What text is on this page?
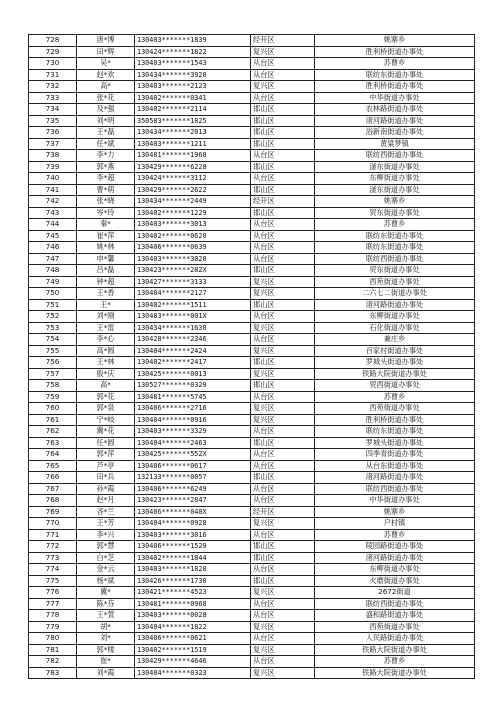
728	唐*博	130403*******1839	经开区	姚寨乡
729	田*辉	130424*******1822	复兴区	胜利桥街道办事处
730	吴*	130403*******1543	从台区	苏曹乡
731	赵*欢	130434*******3920	从台区	联纺东街道办事处
732	高*	130403*******2123	复兴区	胜利桥街道办事处
733	张*花	130402*******0341	从台区	中华街道办事处
734	及*强	130402*******2114	邯山区	农林路街道办事处
735	刘*明	350583*******1825	邯山区	渚河路街道办事处
736	王*磊	130434*******2013	邯山区	浴新南街道办事处
737	任*斌	130403*******1211	邯山区	黄粱梦镇
738	李*力	130481*******1968	从台区	联纺西街道办事处
739	郭*燕	130429*******6228	邯山区	滏东街道办事处
740	李*超	130424*******3112	从台区	东柳街道办事处
741	曹*萌	130429*******2622	邯山区	滏东街道办事处
742	张*晓	130434*******2449	经开区	姚寨乡
743	岑*玲	130402*******1229	邯山区	贸东街道办事处
744	秦*	130403*******3013	从台区	苏曹乡
745	崔*萍	130402*******0620	从台区	联纺东街道办事处
746	姚*林	130406*******0639	从台区	联纺东街道办事处
747	申*馨	130403*******3020	从台区	联纺西街道办事处
748	吕*磊	130423*******282X	邯山区	贸东街道办事处
749	钟*超	130427*******3133	复兴区	西苑街道办事处
750	王*香	130404*******2127	复兴区	二六七二街道办事处
751	王*	130402*******1511	邯山区	渚河路街道办事处
752	刘*刚	130403*******001X	从台区	东柳街道办事处
753	王*雷	130434*******1630	复兴区	石化街道办事处
754	李*心	130428*******2346	从台区	兼庄乡
755	高*圆	130404*******2424	复兴区	百家村街道办事处
756	王*林	130402*******2417	邯山区	罗城头街道办事处
757	殷*庆	130425*******0013	复兴区	铁路大院街道办事处
758	高*	130527*******0329	邯山区	贸西街道办事处
759	郭*花	130481*******5745	从台区	苏曹乡
760	郭*泉	130406*******2716	复兴区	西苑街道办事处
761	宁*岐	130404*******0916	复兴区	胜利桥街道办事处
762	冀*花	130403*******3329	从台区	联纺东街道办事处
763	任*圆	130404*******2463	邯山区	罗城头街道办事处
764	郭*萍	130425*******552X	从台区	四季青街道办事处
765	芦*亭	130406*******0617	从台区	从台东街道办事处
766	田*兵	132133*******0057	邯山区	渚河路街道办事处
767	孙*霞	130406*******6249	从台区	联纺西街道办事处
768	赵*月	130423*******2847	从台区	中华街道办事处
769	吝*兰	130406*******040X	经开区	姚寨乡
770	王*芳	130404*******0928	复兴区	户村镇
771	李*兴	130403*******3016	从台区	苏曹乡
772	郭*慧	130406*******1529	邯山区	陵园路街道办事处
773	白*芝	130402*******1844	邯山区	渚河路街道办事处
774	金*云	130403*******1828	从台区	东柳街道办事处
775	杨*斌	130426*******1730	邯山区	火磨街道办事处
776	冀*	130421*******4523	复兴区	2672街道
777	陈*芬	130481*******0968	从台区	联纺西街道办事处
778	王*萱	130403*******0028	从台区	盛和路街道办事处
779	胡*	130404*******1822	复兴区	西苑街道办事处
780	刘*	130406*******0621	从台区	人民路街道办事处
781	郭*楼	130402*******1519	复兴区	铁路大院街道办事处
782	崔*	130429*******4646	从台区	苏曹乡
783	刘*霞	130404*******0323	复兴区	铁路大院街道办事处
